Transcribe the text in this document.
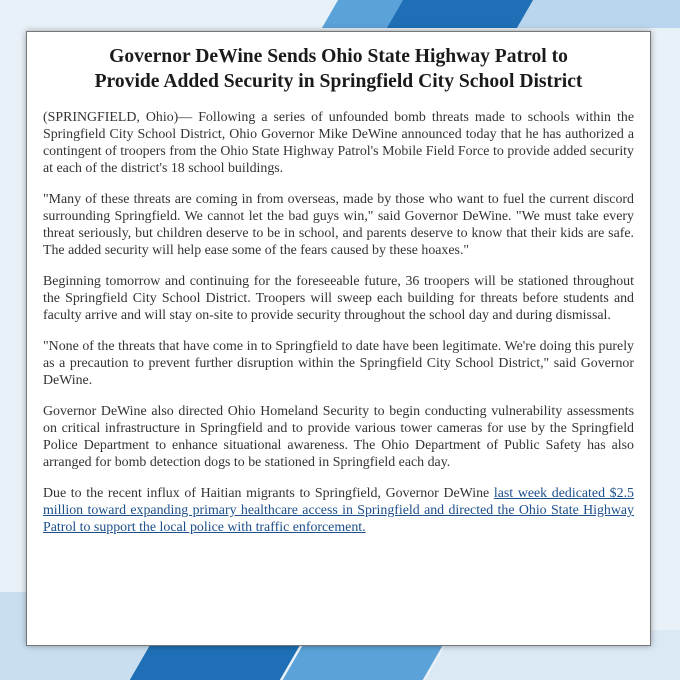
Governor DeWine Sends Ohio State Highway Patrol to
Provide Added Security in Springfield City School District

(SPRINGFIELD, Ohio)— Following a series of unfounded bomb threats made to schools within the Springfield City School District, Ohio Governor Mike DeWine announced today that he has authorized a contingent of troopers from the Ohio State Highway Patrol's Mobile Field Force to provide added security at each of the district's 18 school buildings.

"Many of these threats are coming in from overseas, made by those who want to fuel the current discord surrounding Springfield. We cannot let the bad guys win," said Governor DeWine. "We must take every threat seriously, but children deserve to be in school, and parents deserve to know that their kids are safe. The added security will help ease some of the fears caused by these hoaxes."

Beginning tomorrow and continuing for the foreseeable future, 36 troopers will be stationed throughout the Springfield City School District. Troopers will sweep each building for threats before students and faculty arrive and will stay on-site to provide security throughout the school day and during dismissal.

"None of the threats that have come in to Springfield to date have been legitimate. We're doing this purely as a precaution to prevent further disruption within the Springfield City School District," said Governor DeWine.

Governor DeWine also directed Ohio Homeland Security to begin conducting vulnerability assessments on critical infrastructure in Springfield and to provide various tower cameras for use by the Springfield Police Department to enhance situational awareness. The Ohio Department of Public Safety has also arranged for bomb detection dogs to be stationed in Springfield each day.

Due to the recent influx of Haitian migrants to Springfield, Governor DeWine last week dedicated $2.5 million toward expanding primary healthcare access in Springfield and directed the Ohio State Highway Patrol to support the local police with traffic enforcement.
